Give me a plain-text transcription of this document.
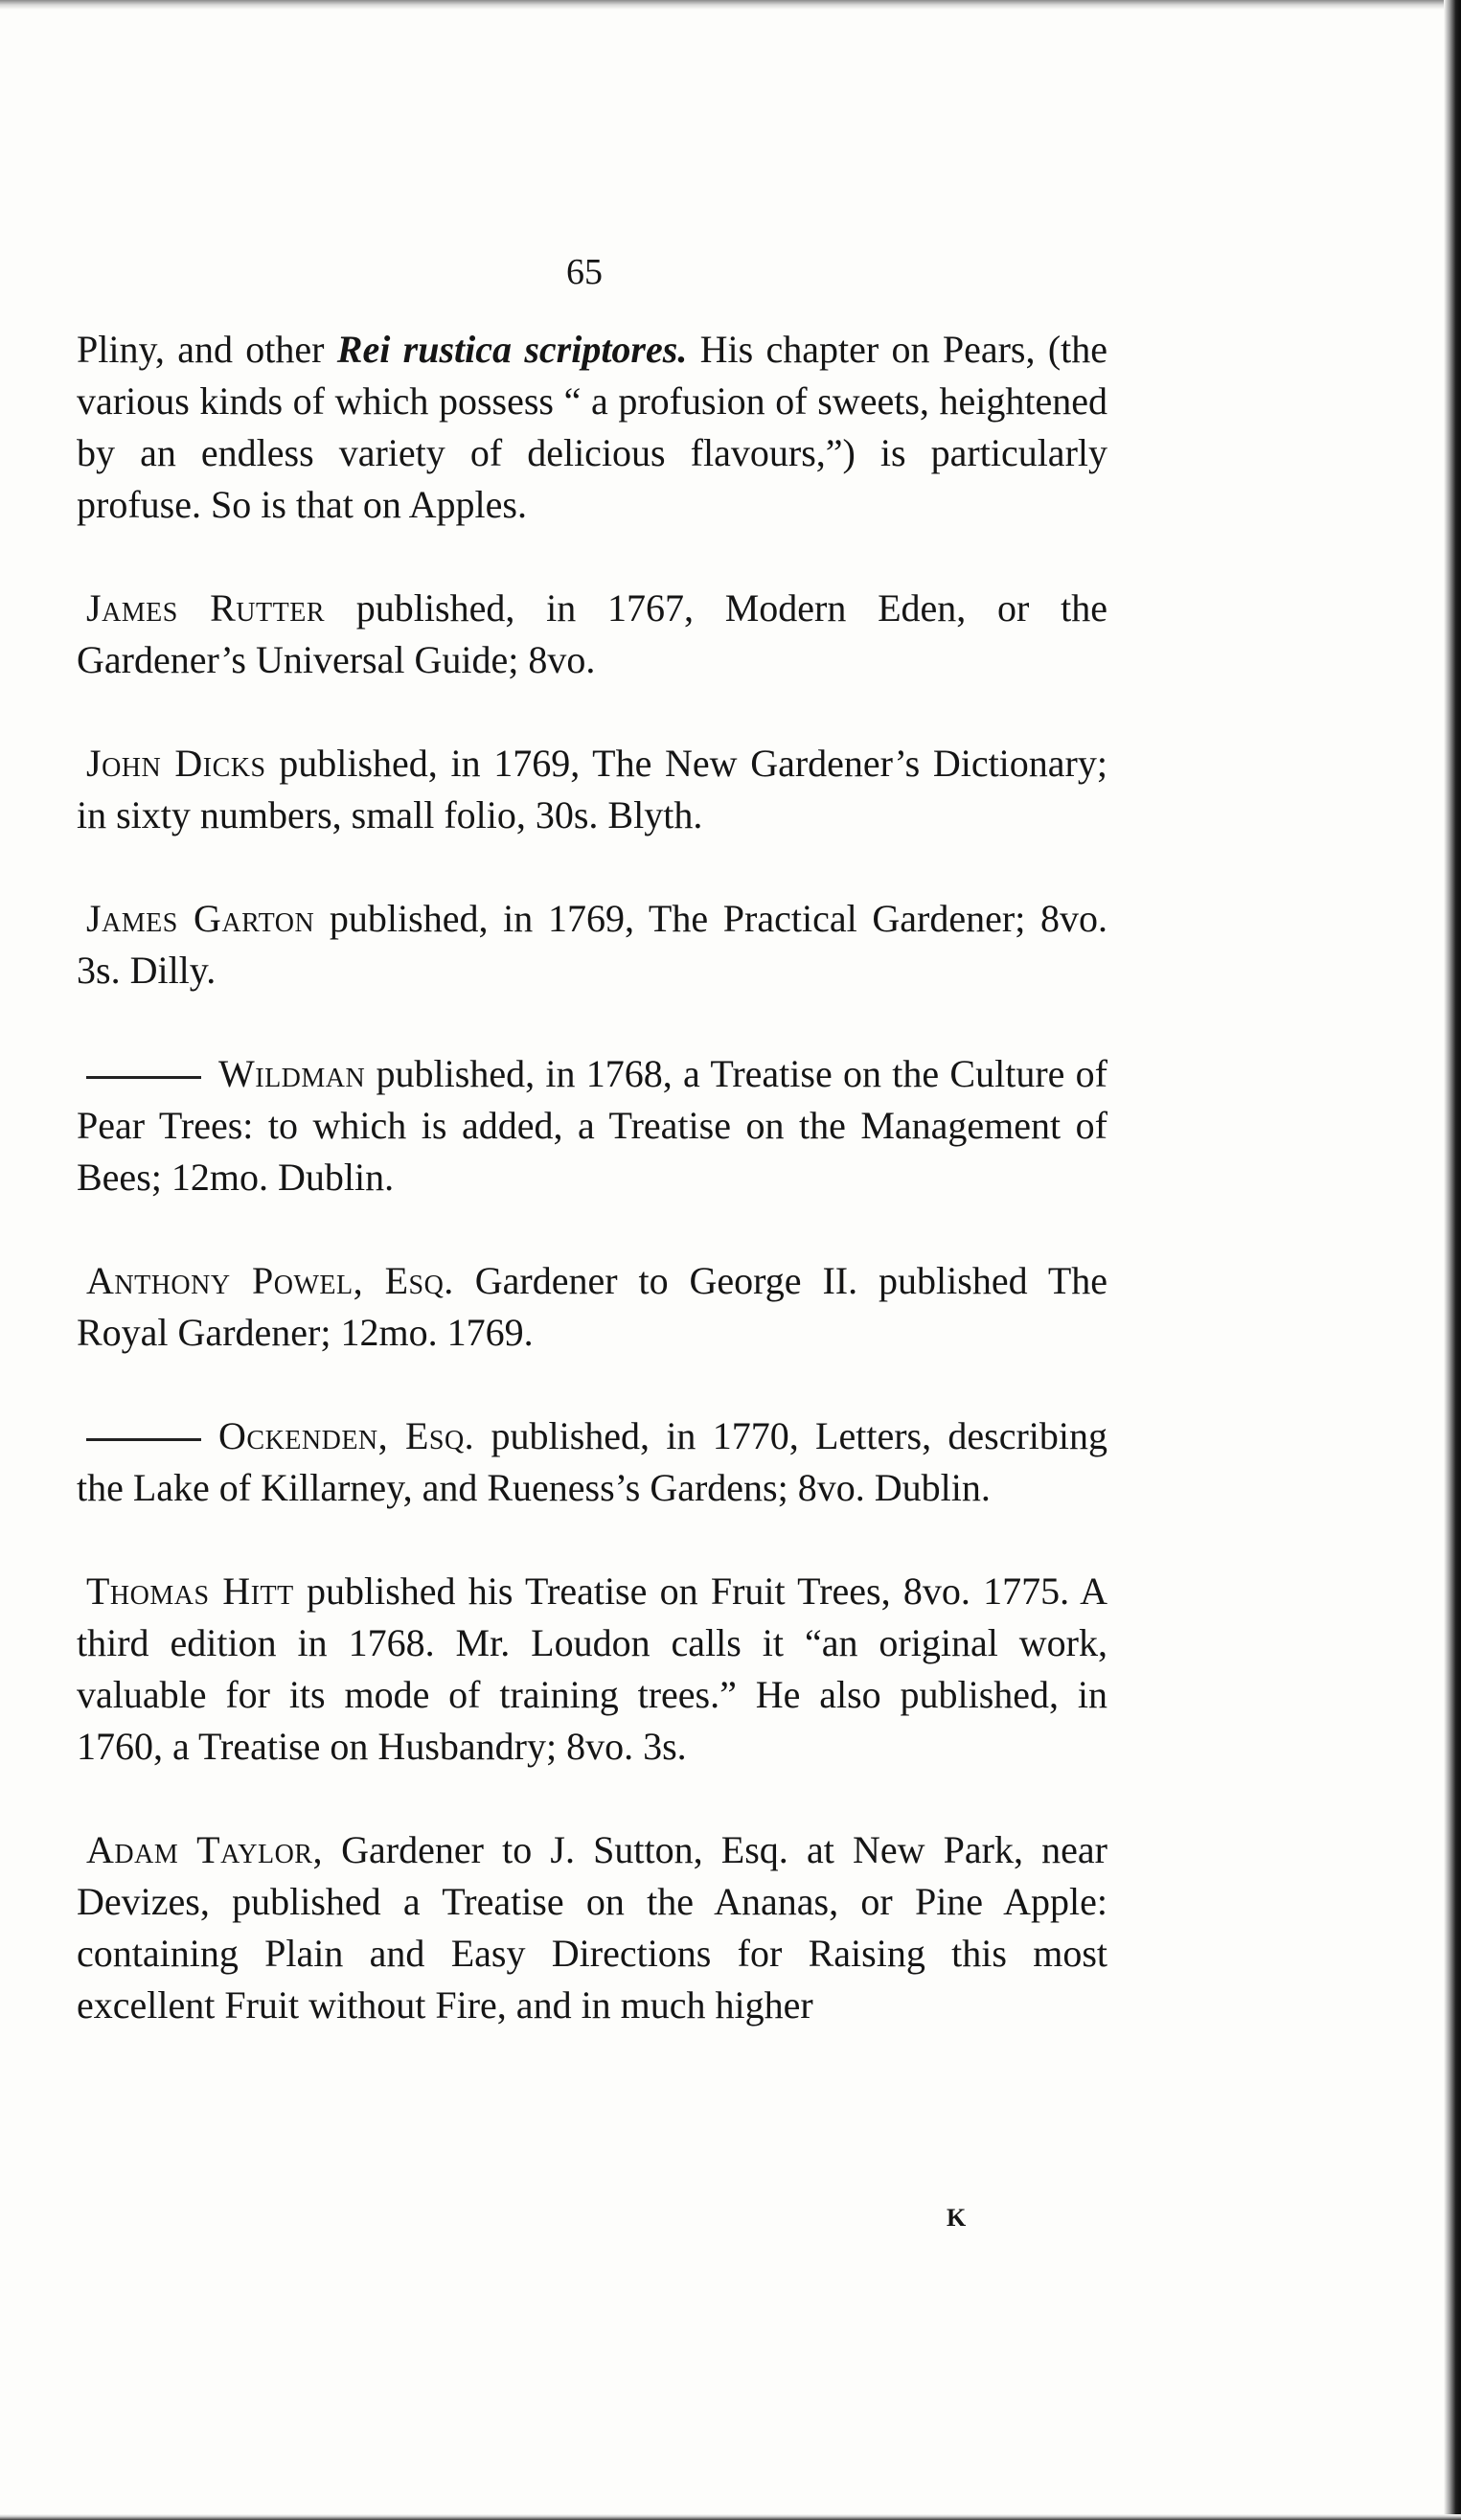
65

Pliny, and other Rei rustica scriptores. His chapter on Pears, (the various kinds of which possess “ a profusion of sweets, heightened by an endless variety of delicious flavours,”) is particularly profuse. So is that on Apples.

James Rutter published, in 1767, Modern Eden, or the Gardener’s Universal Guide; 8vo.

John Dicks published, in 1769, The New Gardener’s Dictionary; in sixty numbers, small folio, 30s. Blyth.

James Garton published, in 1769, The Practical Gardener; 8vo. 3s. Dilly.

Wildman published, in 1768, a Treatise on the Culture of Pear Trees: to which is added, a Treatise on the Management of Bees; 12mo. Dublin.

Anthony Powel, Esq. Gardener to George II. published The Royal Gardener; 12mo. 1769.

Ockenden, Esq. published, in 1770, Letters, describing the Lake of Killarney, and Rueness’s Gardens; 8vo. Dublin.

Thomas Hitt published his Treatise on Fruit Trees, 8vo. 1775. A third edition in 1768. Mr. Loudon calls it “an original work, valuable for its mode of training trees.” He also published, in 1760, a Treatise on Husbandry; 8vo. 3s.

Adam Taylor, Gardener to J. Sutton, Esq. at New Park, near Devizes, published a Treatise on the Ananas, or Pine Apple: containing Plain and Easy Directions for Raising this most excellent Fruit without Fire, and in much higher

K
